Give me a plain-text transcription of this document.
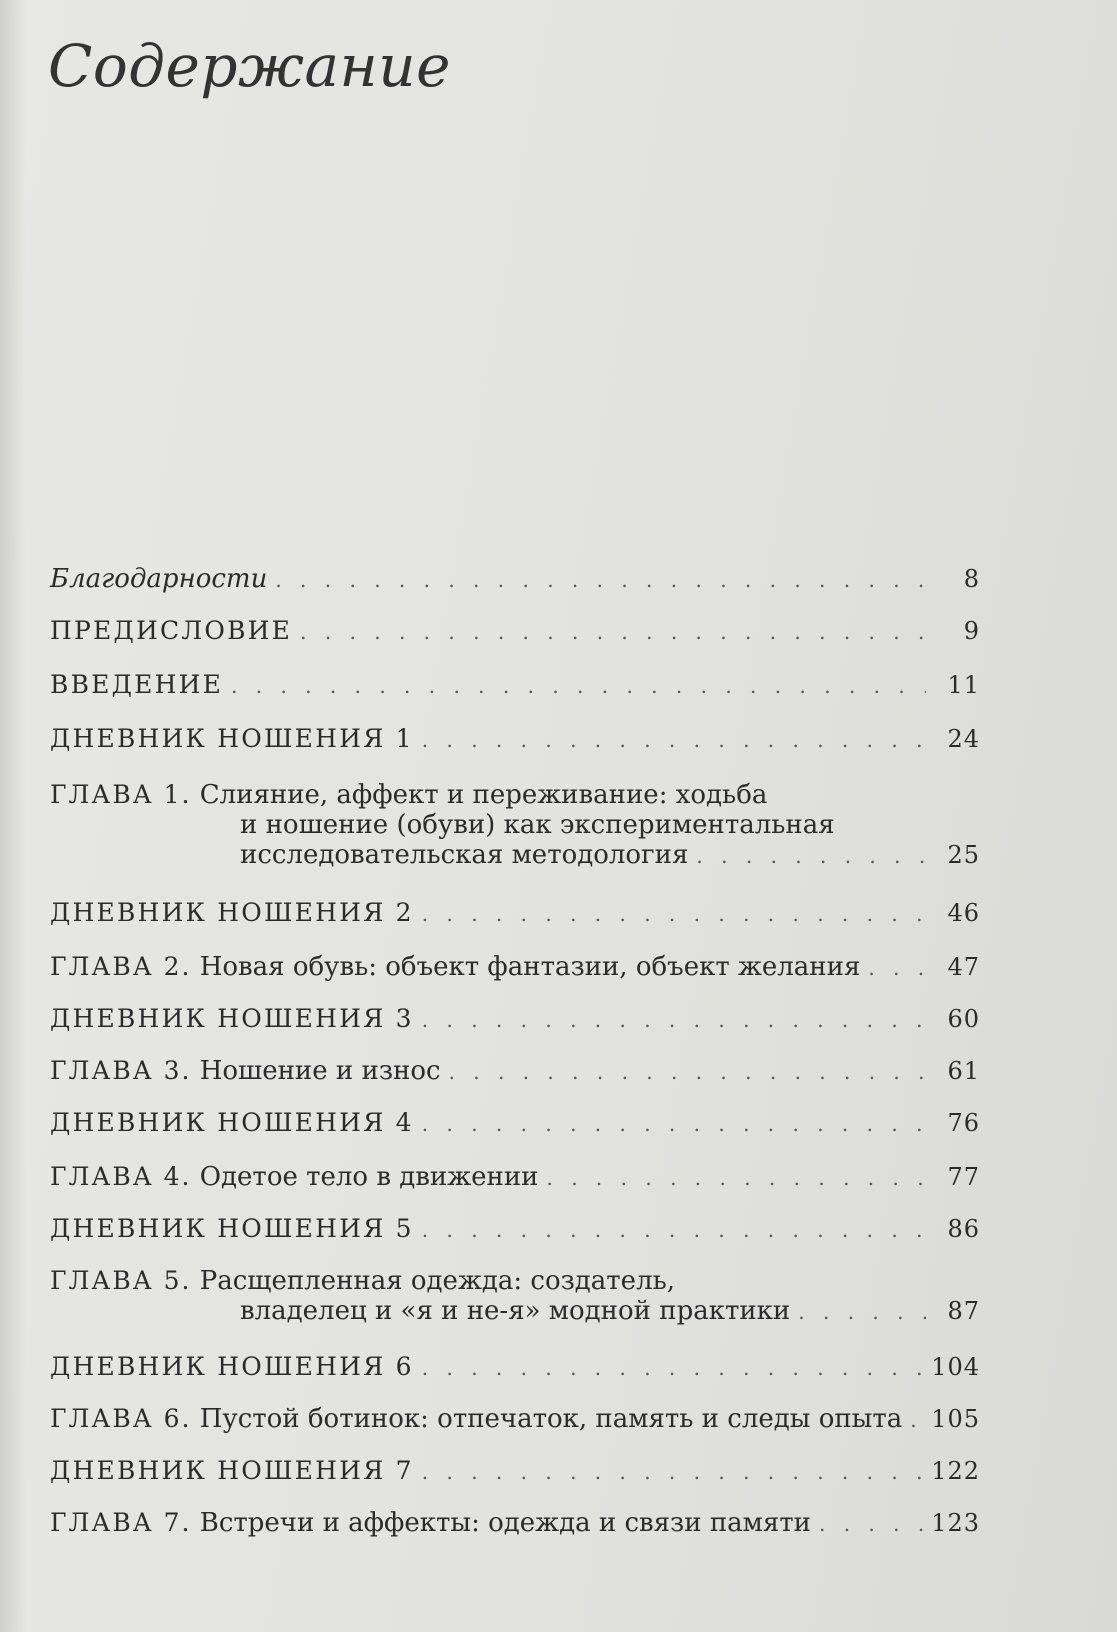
Содержание
Благодарности . . .	8
ПРЕДИСЛОВИЕ . . .	9
ВВЕДЕНИЕ . . .	11
ДНЕВНИК НОШЕНИЯ 1 . . .	24
ГЛАВА 1. Слияние, аффект и переживание: ходьба
и ношение (обуви) как экспериментальная
исследовательская методология . . .	25
ДНЕВНИК НОШЕНИЯ 2 . . .	46
ГЛАВА 2. Новая обувь: объект фантазии, объект желания . . .	47
ДНЕВНИК НОШЕНИЯ 3 . . .	60
ГЛАВА 3. Ношение и износ . . .	61
ДНЕВНИК НОШЕНИЯ 4 . . .	76
ГЛАВА 4. Одетое тело в движении . . .	77
ДНЕВНИК НОШЕНИЯ 5 . . .	86
ГЛАВА 5. Расщепленная одежда: создатель,
владелец и «я и не-я» модной практики . . .	87
ДНЕВНИК НОШЕНИЯ 6 . . .	104
ГЛАВА 6. Пустой ботинок: отпечаток, память и следы опыта . . . 105
ДНЕВНИК НОШЕНИЯ 7 . . .	122
ГЛАВА 7. Встречи и аффекты: одежда и связи памяти . . .	123
